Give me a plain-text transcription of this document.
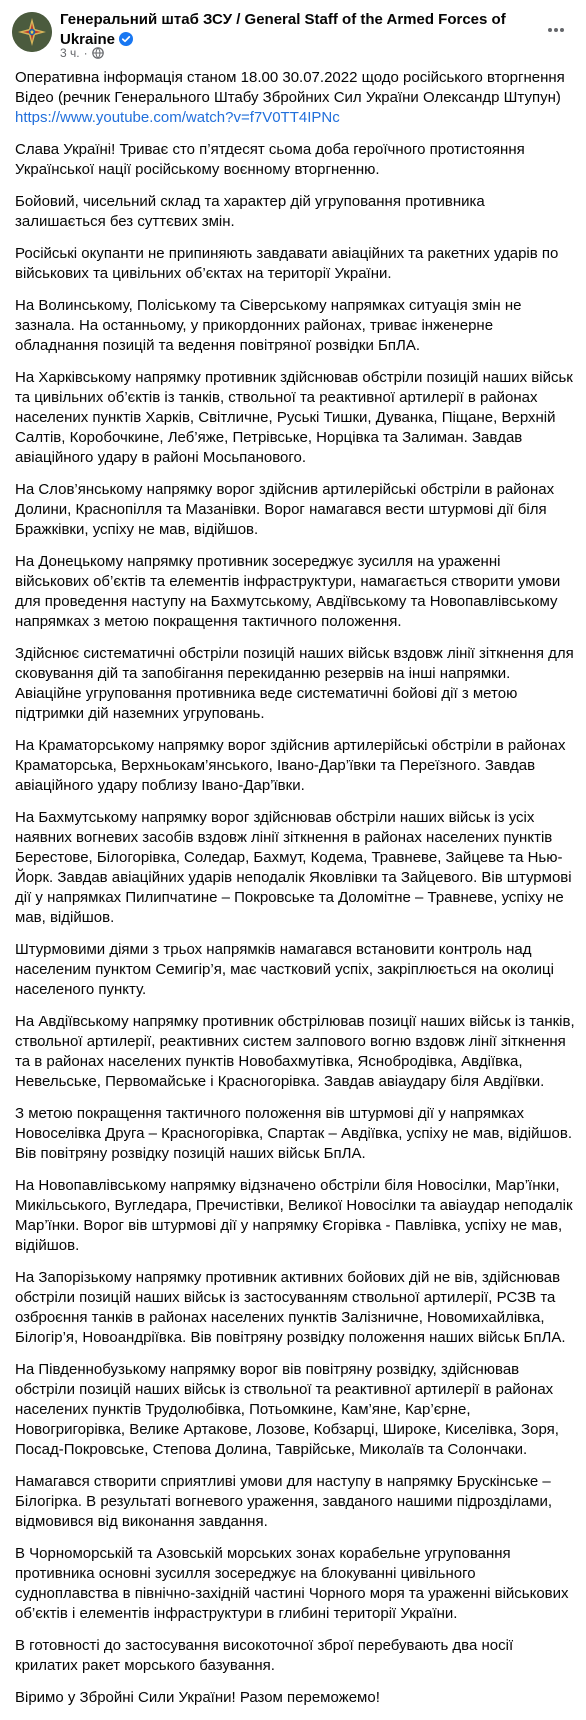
Генеральний штаб ЗСУ / General Staff of the Armed Forces of Ukraine
3 ч. ·
Оперативна інформація станом 18.00 30.07.2022 щодо російського вторгнення
Відео (речник Генерального Штабу Збройних Сил України Олександр Штупун)
https://www.youtube.com/watch?v=f7V0TT4IPNc
Слава Україні! Триває сто п’ятдесят сьома доба героїчного протистояння Української нації російському воєнному вторгненню.
Бойовий, чисельний склад та характер дій угруповання противника залишається без суттєвих змін.
Російські окупанти не припиняють завдавати авіаційних та ракетних ударів по військових та цивільних об’єктах на території України.
На Волинському, Поліському та Сіверському напрямках ситуація змін не зазнала. На останньому, у прикордонних районах, триває інженерне обладнання позицій та ведення повітряної розвідки БпЛА.
На Харківському напрямку противник здійснював обстріли позицій наших військ та цивільних об’єктів із танків, ствольної та реактивної артилерії в районах населених пунктів Харків, Світличне, Руські Тишки, Дуванка, Піщане, Верхній Салтів, Коробочкине, Леб’яже, Петрівське, Норцівка та Залиман. Завдав авіаційного удару в районі Мосьпанового.
На Слов’янському напрямку ворог здійснив артилерійські обстріли в районах Долини, Краснопілля та Мазанівки. Ворог намагався вести штурмові дії біля Бражківки, успіху не мав, відійшов.
На Донецькому напрямку противник зосереджує зусилля на ураженні військових об’єктів та елементів інфраструктури, намагається створити умови для проведення наступу на Бахмутському, Авдіївському та Новопавлівському напрямках з метою покращення тактичного положення.
Здійснює систематичні обстріли позицій наших військ вздовж лінії зіткнення для сковування дій та запобігання перекиданню резервів на інші напрямки. Авіаційне угруповання противника веде систематичні бойові дії з метою підтримки дій наземних угруповань.
На Краматорському напрямку ворог здійснив артилерійські обстріли в районах Краматорська, Верхньокам’янського, Івано-Дар’ївки та Переїзного. Завдав авіаційного удару поблизу Івано-Дар’ївки.
На Бахмутському напрямку ворог здійснював обстріли наших військ із усіх наявних вогневих засобів вздовж лінії зіткнення в районах населених пунктів Берестове, Білогорівка, Соледар, Бахмут, Кодема, Травневе, Зайцеве та Нью-Йорк. Завдав авіаційних ударів неподалік Яковлівки та Зайцевого. Вів штурмові дії у напрямках Пилипчатине – Покровське та Доломітне – Травневе, успіху не мав, відійшов.
Штурмовими діями з трьох напрямків намагався встановити контроль над населеним пунктом Семигір’я, має частковий успіх, закріплюється на околиці населеного пункту.
На Авдіївському напрямку противник обстрілював позиції наших військ із танків, ствольної артилерії, реактивних систем залпового вогню вздовж лінії зіткнення та в районах населених пунктів Новобахмутівка, Яснобродівка, Авдіївка, Невельське, Первомайське і Красногорівка. Завдав авіаудару біля Авдіївки.
З метою покращення тактичного положення вів штурмові дії у напрямках Новоселівка Друга – Красногорівка, Спартак – Авдіївка, успіху не мав, відійшов. Вів повітряну розвідку позицій наших військ БпЛА.
На Новопавлівському напрямку відзначено обстріли біля Новосілки, Мар’їнки, Микільського, Вугледара, Пречистівки, Великої Новосілки та авіаудар неподалік Мар’їнки. Ворог вів штурмові дії у напрямку Єгорівка - Павлівка, успіху не мав, відійшов.
На Запорізькому напрямку противник активних бойових дій не вів, здійснював обстріли позицій наших військ із застосуванням ствольної артилерії, РСЗВ та озброєння танків в районах населених пунктів Залізничне, Новомихайлівка, Білогір’я, Новоандріївка. Вів повітряну розвідку положення наших військ БпЛА.
На Південнобузькому напрямку ворог вів повітряну розвідку, здійснював обстріли позицій наших військ із ствольної та реактивної артилерії в районах населених пунктів Трудолюбівка, Потьомкине, Кам’яне, Кар’єрне, Новогригорівка, Велике Артакове, Лозове, Кобзарці, Широке, Киселівка, Зоря, Посад-Покровське, Степова Долина, Таврійське, Миколаїв та Солончаки.
Намагався створити сприятливі умови для наступу в напрямку Брускінське – Білогірка. В результаті вогневого ураження, завданого нашими підрозділами, відмовився від виконання завдання.
В Чорноморській та Азовській морських зонах корабельне угруповання противника основні зусилля зосереджує на блокуванні цивільного судноплавства в північно-західній частині Чорного моря та ураженні військових об’єктів і елементів інфраструктури в глибині території України.
В готовності до застосування високоточної зброї перебувають два носії крилатих ракет морського базування.
Віримо у Збройні Сили України! Разом переможемо!
